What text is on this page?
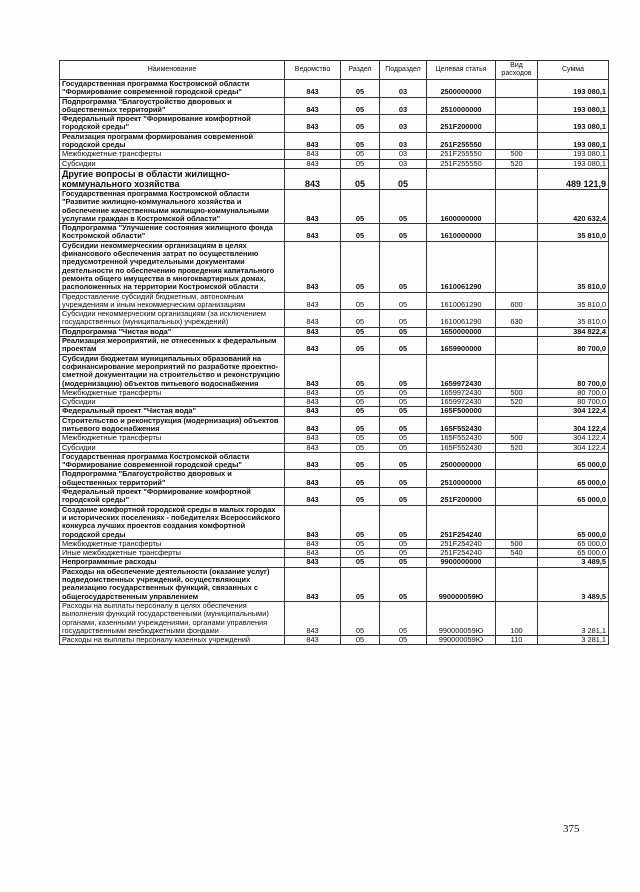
Наименование	Ведомство	Раздел	Подраздел	Целевая статья	Вид расходов	Сумма
Государственная программа Костромской области "Формирование современной городской среды"	843	05	03	2500000000		193 080,1
Подпрограмма "Благоустройство дворовых и общественных территорий"	843	05	03	2510000000		193 080,1
Федеральный проект "Формирование комфортной городской среды"	843	05	03	251F200000		193 080,1
Реализация программ формирования современной городской среды	843	05	03	251F255550		193 080,1
Межбюджетные трансферты	843	05	03	251F255550	500	193 080,1
Субсидии	843	05	03	251F255550	520	193 080,1
Другие вопросы в области жилищно-коммунального хозяйства	843	05	05			489 121,9
Государственная программа Костромской области "Развитие жилищно-коммунального хозяйства и обеспечение качественными жилищно-коммунальными услугами граждан в Костромской области"	843	05	05	1600000000		420 632,4
Подпрограмма "Улучшение состояния жилищного фонда Костромской области"	843	05	05	1610000000		35 810,0
Субсидии некоммерческим организациям в целях финансового обеспечения затрат по осуществлению предусмотренной учредительными документами деятельности по обеспечению проведения капитального ремонта общего имущества в многоквартирных домах, расположенных на территории Костромской области	843	05	05	1610061290		35 810,0
Предоставление субсидий бюджетным, автономным учреждениям и иным некоммерческим организациям	843	05	05	1610061290	600	35 810,0
Субсидии некоммерческим организациям (за исключением государственных (муниципальных) учреждений)	843	05	05	1610061290	630	35 810,0
Подпрограмма "Чистая вода"	843	05	05	1650000000		384 822,4
Реализация мероприятий, не отнесенных к федеральным проектам	843	05	05	1659900000		80 700,0
Субсидии бюджетам муниципальных образований на софинансирование мероприятий по разработке проектно-сметной документации на строительство и реконструкцию (модернизацию) объектов питьевого водоснабжения	843	05	05	1659972430		80 700,0
Межбюджетные трансферты	843	05	05	1659972430	500	80 700,0
Субсидии	843	05	05	1659972430	520	80 700,0
Федеральный проект "Чистая вода"	843	05	05	165F500000		304 122,4
Строительство и реконструкция (модернизация) объектов питьевого водоснабжения	843	05	05	165F552430		304 122,4
Межбюджетные трансферты	843	05	05	165F552430	500	304 122,4
Субсидии	843	05	05	165F552430	520	304 122,4
Государственная программа Костромской области "Формирование современной городской среды"	843	05	05	2500000000		65 000,0
Подпрограмма "Благоустройство дворовых и общественных территорий"	843	05	05	2510000000		65 000,0
Федеральный проект "Формирование комфортной городской среды"	843	05	05	251F200000		65 000,0
Создание комфортной городской среды в малых городах и исторических поселениях - победителях Всероссийского конкурса лучших проектов создания комфортной городской среды	843	05	05	251F254240		65 000,0
Межбюджетные трансферты	843	05	05	251F254240	500	65 000,0
Иные межбюджетные трансферты	843	05	05	251F254240	540	65 000,0
Непрограммные расходы	843	05	05	9900000000		3 489,5
Расходы на обеспечение деятельности (оказание услуг) подведомственных учреждений, осуществляющих реализацию государственных функций, связанных с общегосударственным управлением	843	05	05	990000059Ю		3 489,5
Расходы на выплаты персоналу в целях обеспечения выполнения функций государственными (муниципальными) органами, казенными учреждениями, органами управления государственными внебюджетными фондами	843	05	05	990000059Ю	100	3 281,1
Расходы на выплаты персоналу казенных учреждений	843	05	05	990000059Ю	110	3 281,1
375
